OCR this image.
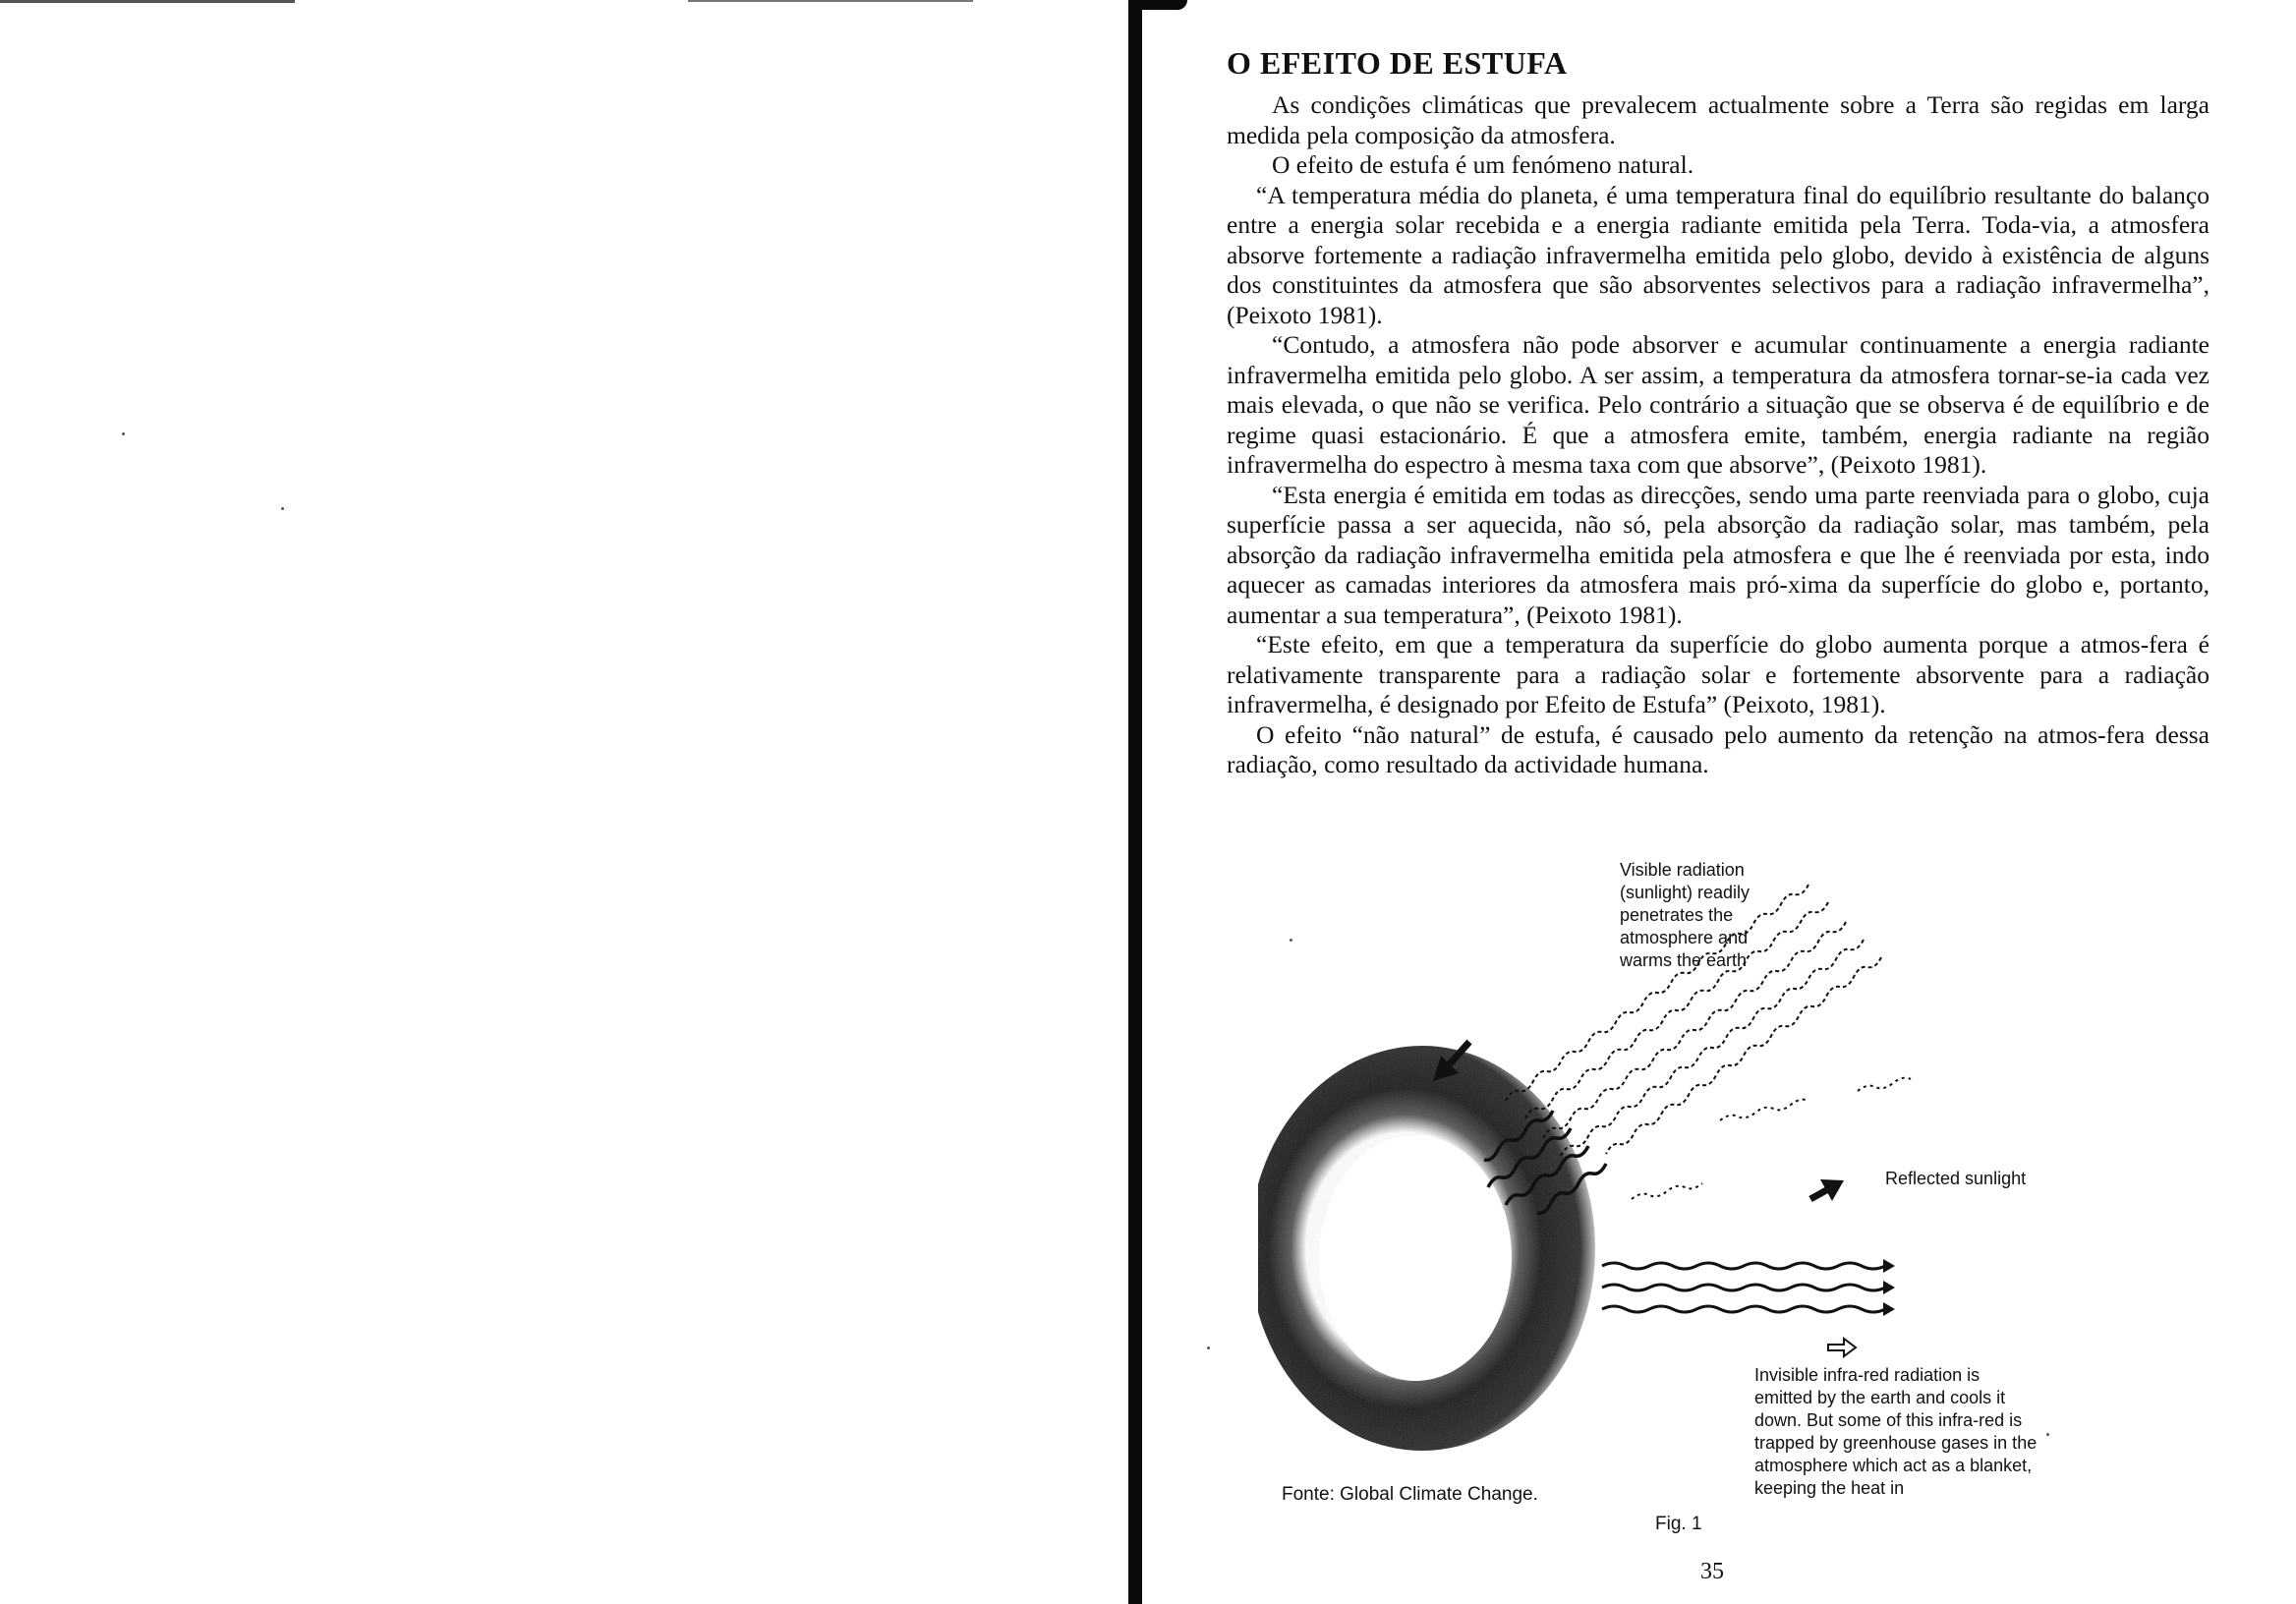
O EFEITO DE ESTUFA

As condições climáticas que prevalecem actualmente sobre a Terra são regidas em larga medida pela composição da atmosfera.

O efeito de estufa é um fenómeno natural.

“A temperatura média do planeta, é uma temperatura final do equilíbrio resultante do balanço entre a energia solar recebida e a energia radiante emitida pela Terra. Toda-via, a atmosfera absorve fortemente a radiação infravermelha emitida pelo globo, devido à existência de alguns dos constituintes da atmosfera que são absorventes selectivos para a radiação infravermelha”, (Peixoto 1981).

“Contudo, a atmosfera não pode absorver e acumular continuamente a energia radiante infravermelha emitida pelo globo. A ser assim, a temperatura da atmosfera tornar-se-ia cada vez mais elevada, o que não se verifica. Pelo contrário a situação que se observa é de equilíbrio e de regime quasi estacionário. É que a atmosfera emite, também, energia radiante na região infravermelha do espectro à mesma taxa com que absorve”, (Peixoto 1981).

“Esta energia é emitida em todas as direcções, sendo uma parte reenviada para o globo, cuja superfície passa a ser aquecida, não só, pela absorção da radiação solar, mas também, pela absorção da radiação infravermelha emitida pela atmosfera e que lhe é reenviada por esta, indo aquecer as camadas interiores da atmosfera mais pró-xima da superfície do globo e, portanto, aumentar a sua temperatura”, (Peixoto 1981).

“Este efeito, em que a temperatura da superfície do globo aumenta porque a atmos-fera é relativamente transparente para a radiação solar e fortemente absorvente para a radiação infravermelha, é designado por Efeito de Estufa” (Peixoto, 1981).

O efeito “não natural” de estufa, é causado pelo aumento da retenção na atmos-fera dessa radiação, como resultado da actividade humana.

Visible radiation (sunlight) readily penetrates the atmosphere and warms the earth
Reflected sunlight
Invisible infra-red radiation is emitted by the earth and cools it down. But some of this infra-red is trapped by greenhouse gases in the atmosphere which act as a blanket, keeping the heat in
Fonte: Global Climate Change.
Fig. 1
35
